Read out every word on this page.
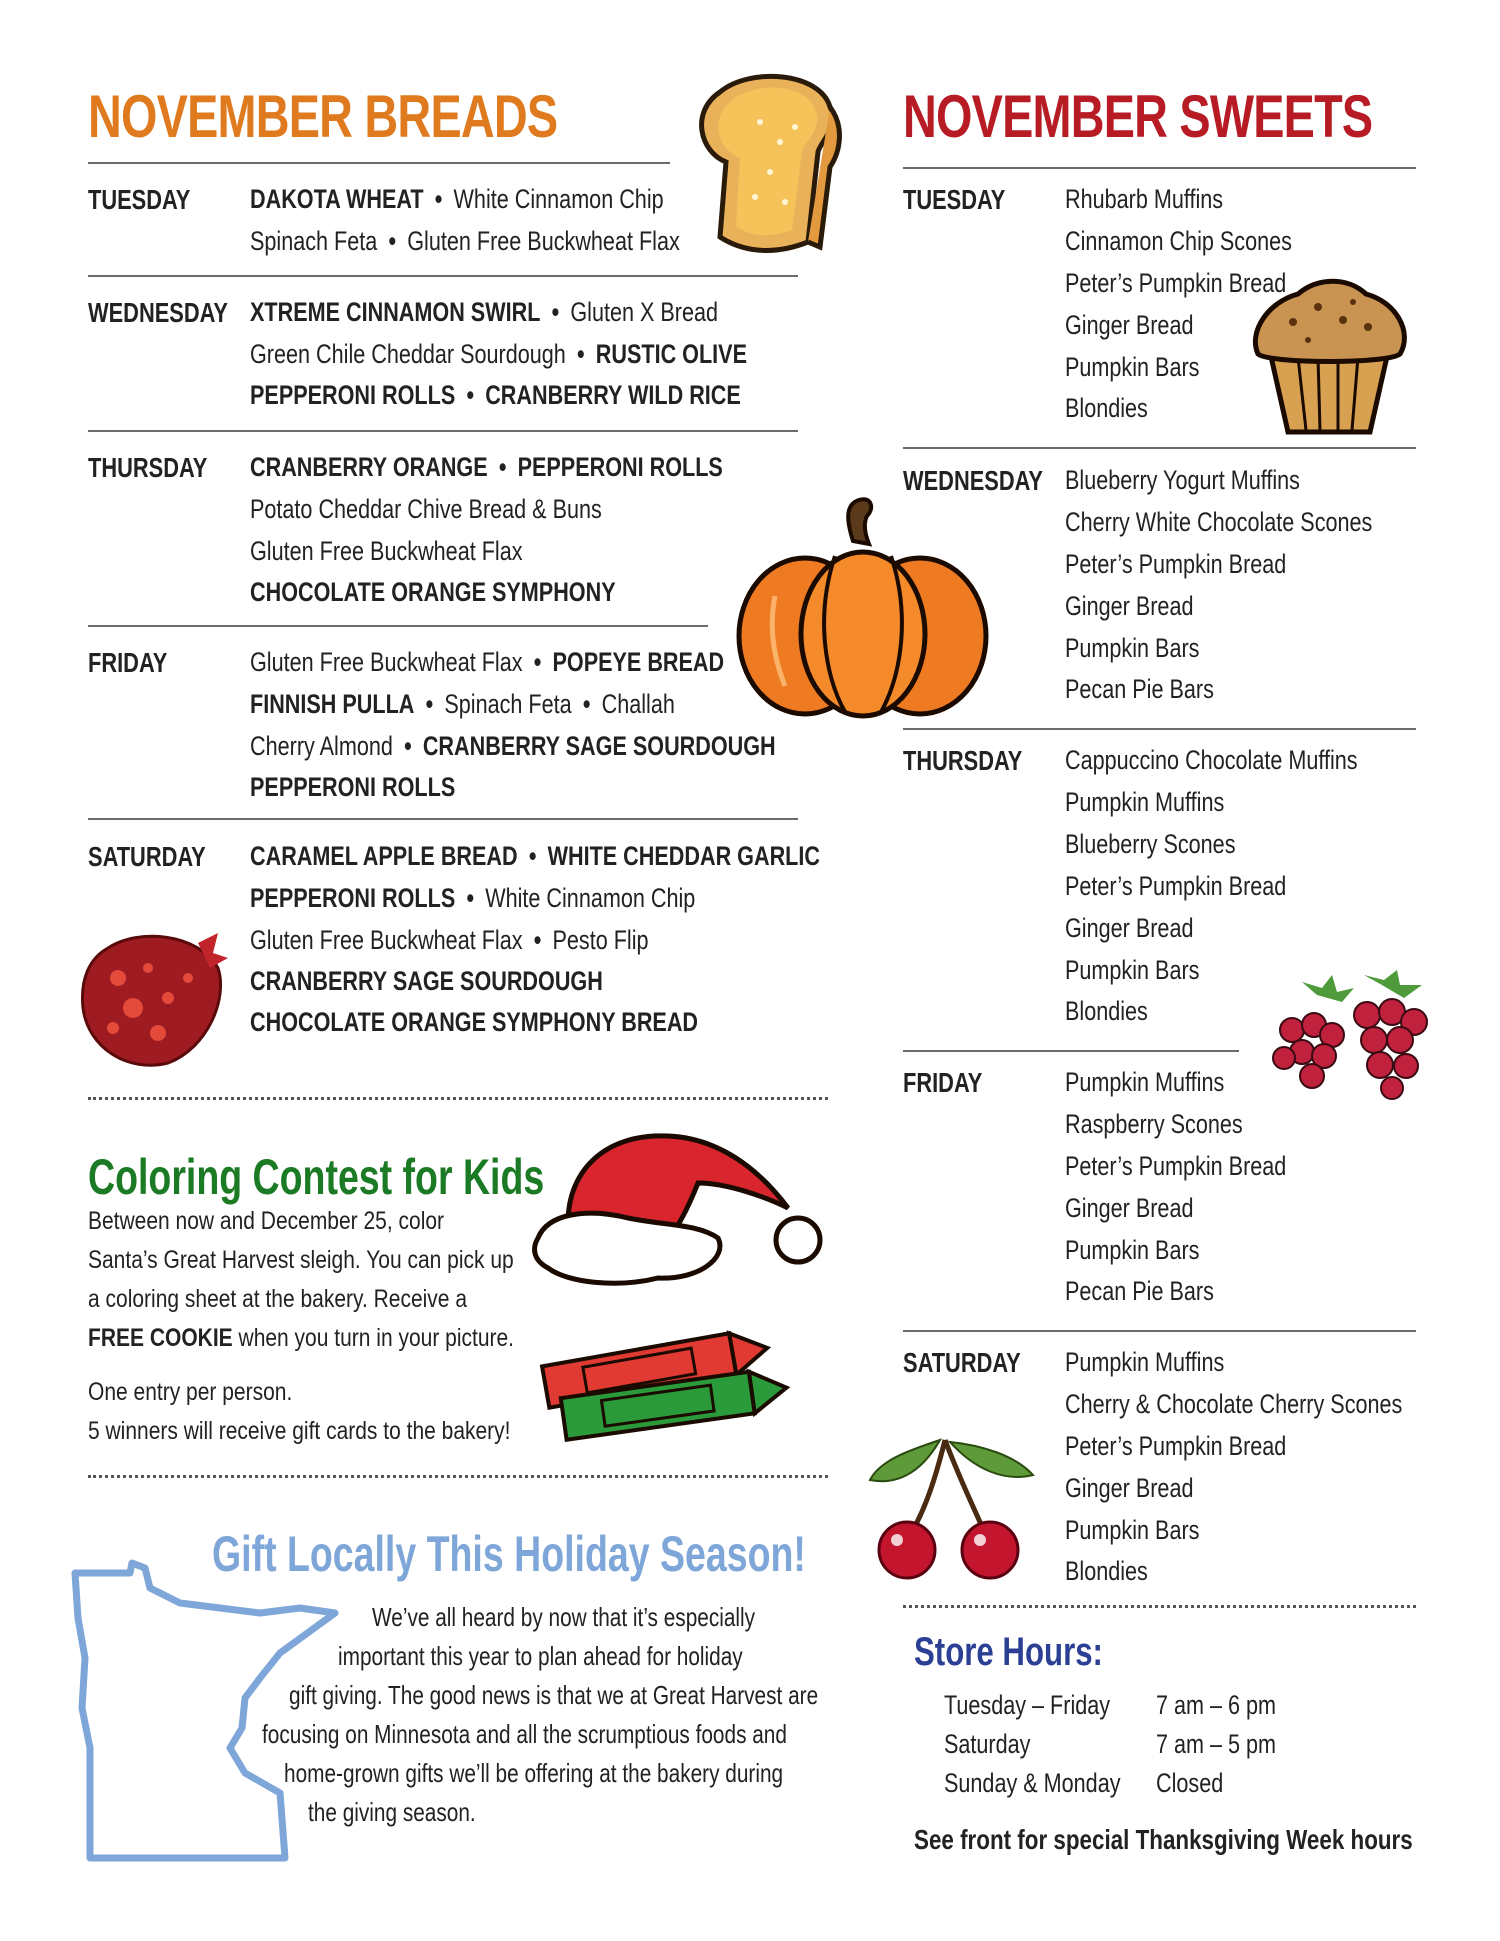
NOVEMBER BREADS
TUESDAY DAKOTA WHEAT • White Cinnamon Chip
Spinach Feta • Gluten Free Buckwheat Flax
WEDNESDAY XTREME CINNAMON SWIRL • Gluten X Bread
Green Chile Cheddar Sourdough • RUSTIC OLIVE
PEPPERONI ROLLS • CRANBERRY WILD RICE
THURSDAY CRANBERRY ORANGE • PEPPERONI ROLLS
Potato Cheddar Chive Bread & Buns
Gluten Free Buckwheat Flax
CHOCOLATE ORANGE SYMPHONY
FRIDAY	Gluten Free Buckwheat Flax • POPEYE BREAD
FINNISH PULLA • Spinach Feta • Challah
Cherry Almond • CRANBERRY SAGE SOURDOUGH
PEPPERONI ROLLS
SATURDAY CARAMEL APPLE BREAD • WHITE CHEDDAR GARLIC
PEPPERONI ROLLS • White Cinnamon Chip
Gluten Free Buckwheat Flax • Pesto Flip
CRANBERRY SAGE SOURDOUGH
CHOCOLATE ORANGE SYMPHONY BREAD
Coloring Contest for Kids
Between now and December 25, color
Santa’s Great Harvest sleigh. You can pick up
a coloring sheet at the bakery. Receive a
FREE COOKIE when you turn in your picture.
One entry per person.
5 winners will receive gift cards to the bakery!
Gift Locally This Holiday Season!
We’ve all heard by now that it’s especially
important this year to plan ahead for holiday
gift giving. The good news is that we at Great Harvest are
focusing on Minnesota and all the scrumptious foods and
home-grown gifts we’ll be offering at the bakery during
the giving season.
NOVEMBER SWEETS
TUESDAY Rhubarb Muffins
Cinnamon Chip Scones
Peter’s Pumpkin Bread
Ginger Bread
Pumpkin Bars
Blondies
WEDNESDAY Blueberry Yogurt Muffins
Cherry White Chocolate Scones
Peter’s Pumpkin Bread
Ginger Bread
Pumpkin Bars
Pecan Pie Bars
THURSDAY Cappuccino Chocolate Muffins
Pumpkin Muffins
Blueberry Scones
Peter’s Pumpkin Bread
Ginger Bread
Pumpkin Bars
Blondies
FRIDAY	Pumpkin Muffins
Raspberry Scones
Peter’s Pumpkin Bread
Ginger Bread
Pumpkin Bars
Pecan Pie Bars
SATURDAY Pumpkin Muffins
Cherry & Chocolate Cherry Scones
Peter’s Pumpkin Bread
Ginger Bread
Pumpkin Bars
Blondies
Store Hours:
Tuesday – Friday 7 am – 6 pm
Saturday	7 am – 5 pm
Sunday & Monday Closed
See front for special Thanksgiving Week hours
